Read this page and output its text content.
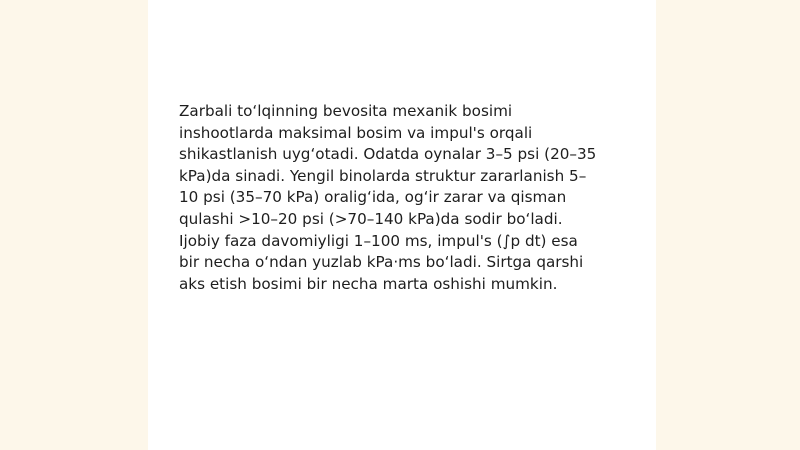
Zarbali to‘lqinning bevosita mexanik bosimi
inshootlarda maksimal bosim va impul's orqali
shikastlanish uyg‘otadi. Odatda oynalar 3–5 psi (20–35
kPa)da sinadi. Yengil binolarda struktur zararlanish 5–
10 psi (35–70 kPa) oralig‘ida, og‘ir zarar va qisman
qulashi >10–20 psi (>70–140 kPa)da sodir bo‘ladi.
Ijobiy faza davomiyligi 1–100 ms, impul's (∫p dt) esa
bir necha o‘ndan yuzlab kPa·ms bo‘ladi. Sirtga qarshi
aks etish bosimi bir necha marta oshishi mumkin.
